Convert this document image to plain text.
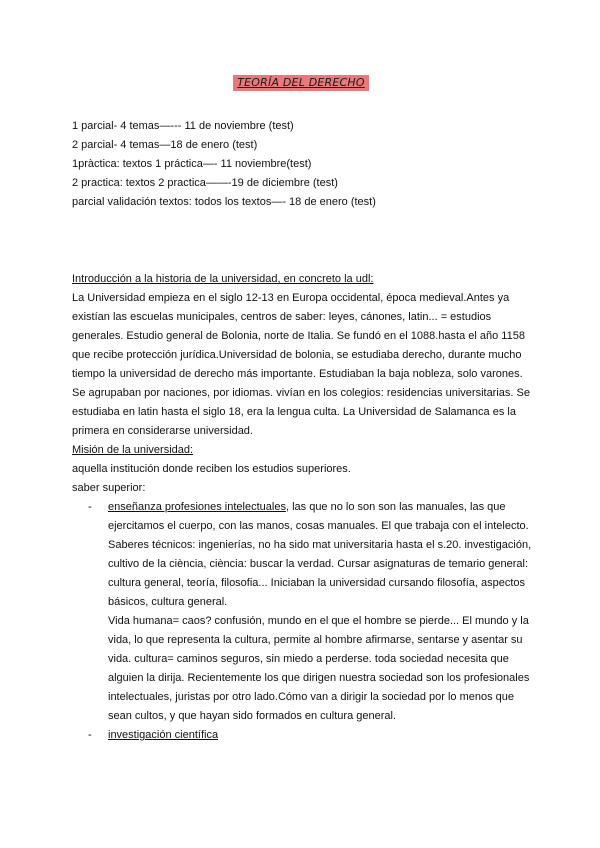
TEORÍA DEL DERECHO
1 parcial- 4 temas—--- 11 de noviembre (test)
2 parcial- 4 temas—18 de enero (test)
1pràctica: textos 1 práctica—- 11 noviembre(test)
2 practica: textos 2 practica——-19 de diciembre (test)
parcial validación textos: todos los textos—- 18 de enero (test)
Introducción a la historia de la universidad, en concreto la udl:

La Universidad empieza en el siglo 12-13 en Europa occidental, época medieval.Antes ya existían las escuelas municipales, centros de saber: leyes, cánones, latin... = estudios generales. Estudio general de Bolonia, norte de Italia. Se fundó en el 1088.hasta el año 1158 que recibe protección jurídica.Universidad de bolonia, se estudiaba derecho, durante mucho tiempo la universidad de derecho más importante. Estudiaban la baja nobleza, solo varones. Se agrupaban por naciones, por idiomas. vivían en los colegios: residencias universitarias. Se estudiaba en latin hasta el siglo 18, era la lengua culta. La Universidad de Salamanca es la primera en considerarse universidad.

Misión de la universidad:
aquella institución donde reciben los estudios superiores.
saber superior:
- enseñanza profesiones intelectuales, las que no lo son son las manuales, las que ejercitamos el cuerpo, con las manos, cosas manuales. El que trabaja con el intelecto. Saberes técnicos: ingenierías, no ha sido mat universitaria hasta el s.20. investigación, cultivo de la ciència, ciència: buscar la verdad. Cursar asignaturas de temario general: cultura general, teoría, filosofia... Iniciaban la universidad cursando filosofía, aspectos básicos, cultura general.
Vida humana= caos? confusión, mundo en el que el hombre se pierde... El mundo y la vida, lo que representa la cultura, permite al hombre afirmarse, sentarse y asentar su vida. cultura= caminos seguros, sin miedo a perderse. toda sociedad necesita que alguien la dirija. Recientemente los que dirigen nuestra sociedad son los profesionales intelectuales, juristas por otro lado.Cómo van a dirigir la sociedad por lo menos que sean cultos, y que hayan sido formados en cultura general.
- investigación científica
